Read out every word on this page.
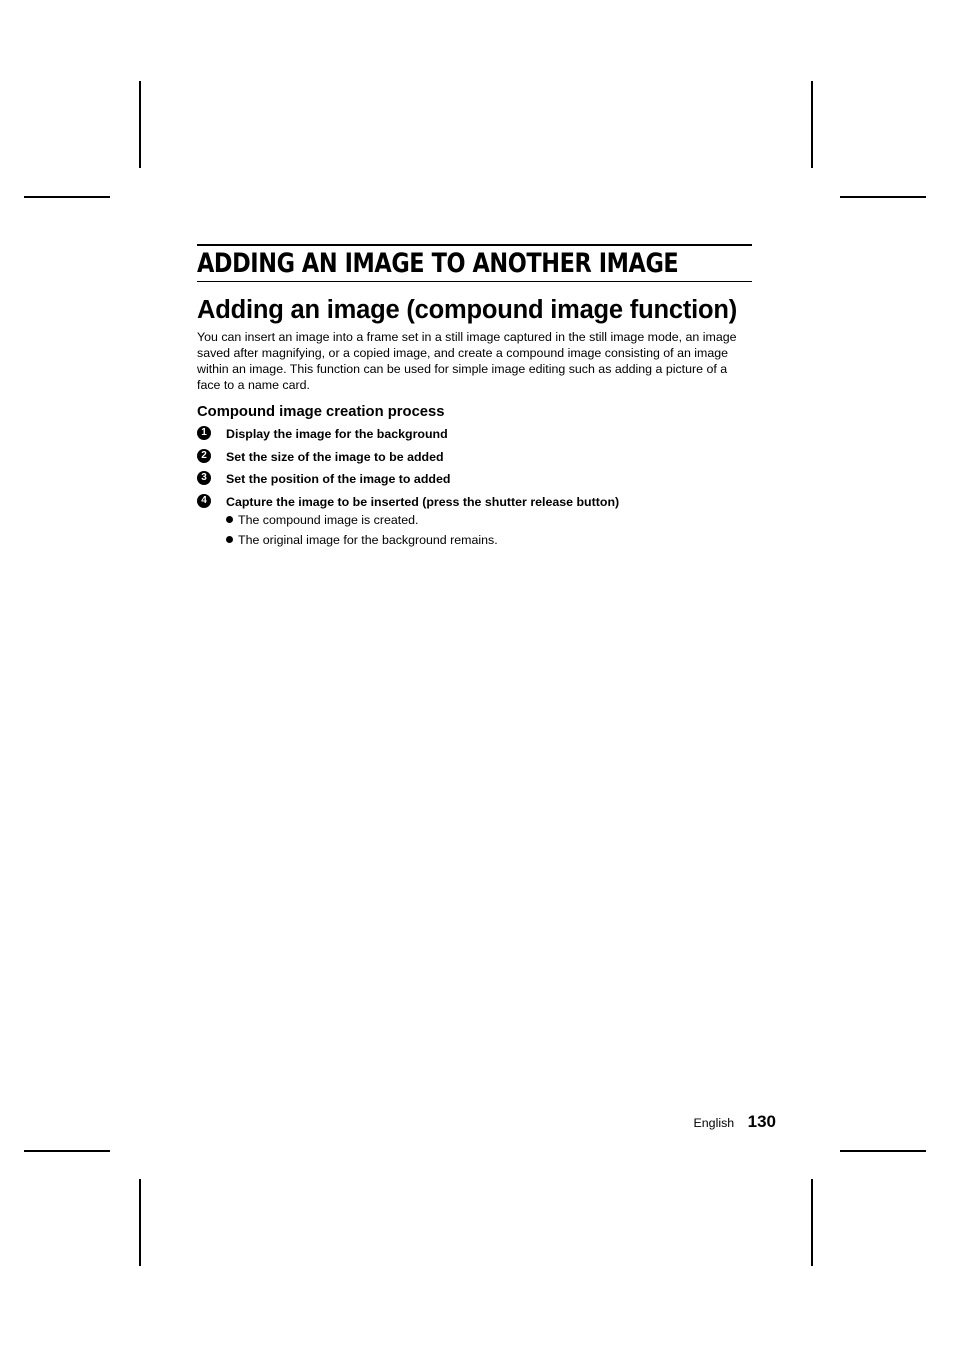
ADDING AN IMAGE TO ANOTHER IMAGE
Adding an image (compound image function)

You can insert an image into a frame set in a still image captured in the still image mode, an image saved after magnifying, or a copied image, and create a compound image consisting of an image within an image. This function can be used for simple image editing such as adding a picture of a face to a name card.

Compound image creation process
1	Display the image for the background
2	Set the size of the image to be added
3	Set the position of the image to added
4	Capture the image to be inserted (press the shutter release button)
The compound image is created.
The original image for the background remains.
English 130
